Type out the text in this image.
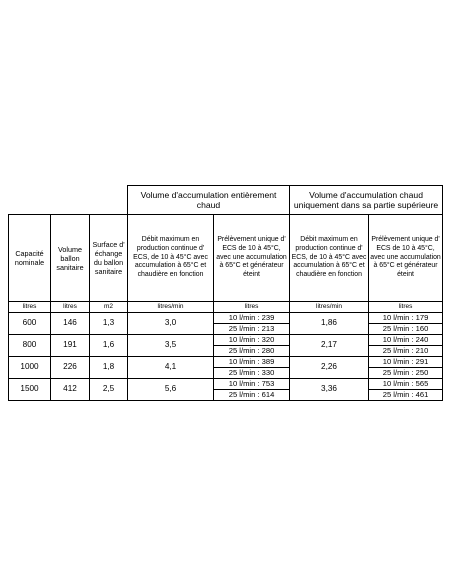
			Volume d'accumulation entièrement chaud		Volume d'accumulation chaud uniquement dans sa partie supérieure	
Capacité nominale	Volume ballon sanitaire	Surface d' échange du ballon sanitaire	Débit maximum en production continue d' ECS, de 10 à 45°C avec accumulation à 65°C et chaudière en fonction	Prélèvement unique d' ECS de 10 à 45°C, avec une accumulation à 65°C et générateur éteint	Débit maximum en production continue d' ECS, de 10 à 45°C avec accumulation à 65°C et chaudière en fonction	Prélèvement unique d' ECS de 10 à 45°C, avec une accumulation à 65°C et générateur éteint
litres	litres	m2	litres/min	litres	litres/min	litres
600	146	1,3	3,0	10 l/min : 239	1,86	10 l/min : 179
				25 l/min : 213		25 l/min : 160
800	191	1,6	3,5	10 l/min : 320	2,17	10 l/min : 240
				25 l/min : 280		25 l/min : 210
1000	226	1,8	4,1	10 l/min : 389	2,26	10 l/min : 291
				25 l/min : 330		25 l/min : 250
1500	412	2,5	5,6	10 l/min : 753	3,36	10 l/min : 565
				25 l/min : 614		25 l/min : 461
